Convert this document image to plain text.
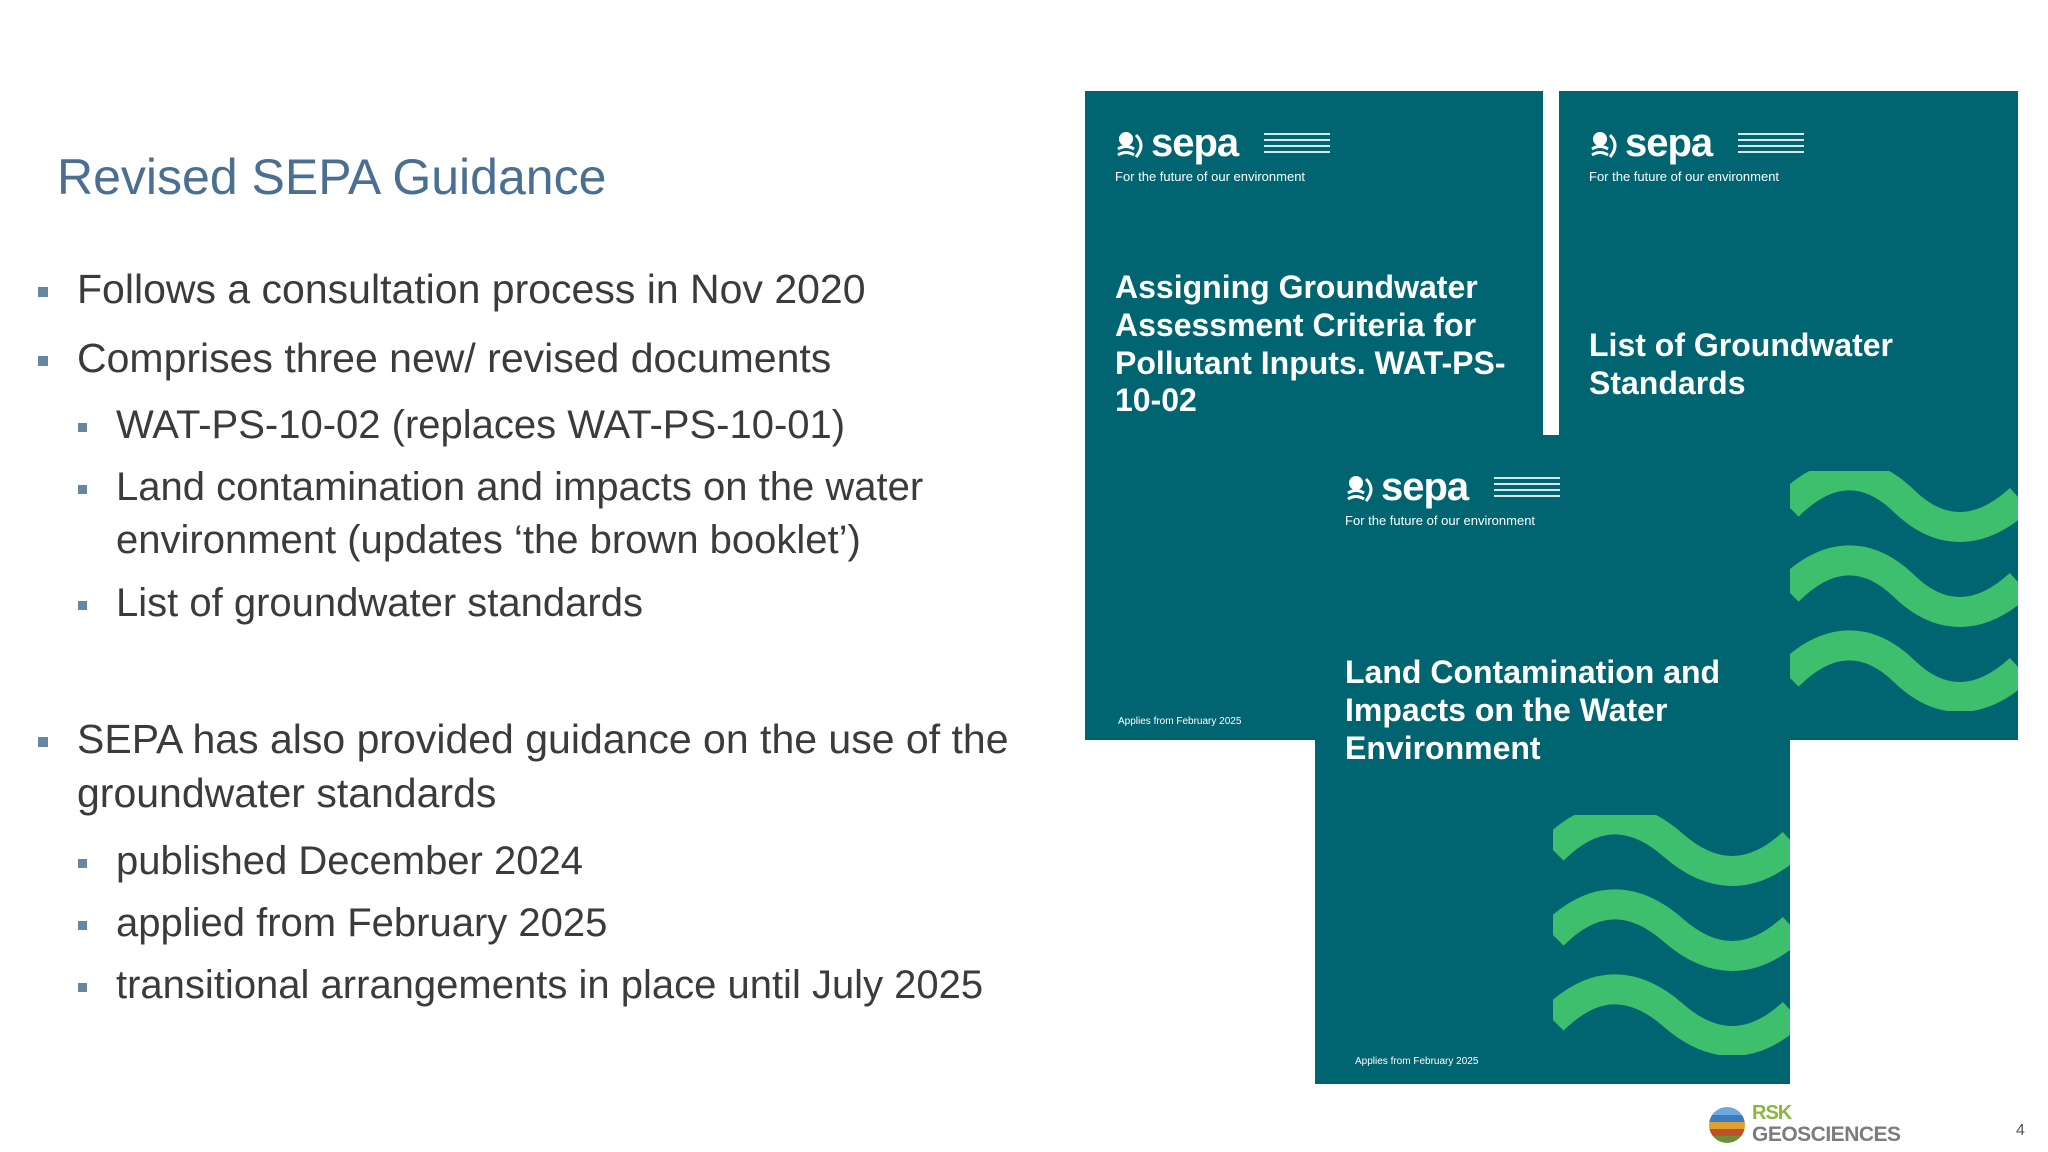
Revised SEPA Guidance
Follows a consultation process in Nov 2020
Comprises three new/ revised documents
WAT-PS-10-02 (replaces WAT-PS-10-01)
Land contamination and impacts on the water environment (updates ‘the brown booklet’)
List of groundwater standards
SEPA has also provided guidance on the use of the groundwater standards
published December 2024
applied from February 2025
transitional arrangements in place until July 2025
sepa
For the future of our environment
Assigning Groundwater Assessment Criteria for Pollutant Inputs. WAT-PS-10-02
Applies from February 2025
sepa
For the future of our environment
List of Groundwater Standards
sepa
For the future of our environment
Land Contamination and Impacts on the Water Environment
Applies from February 2025
RSK
GEOSCIENCES	4
